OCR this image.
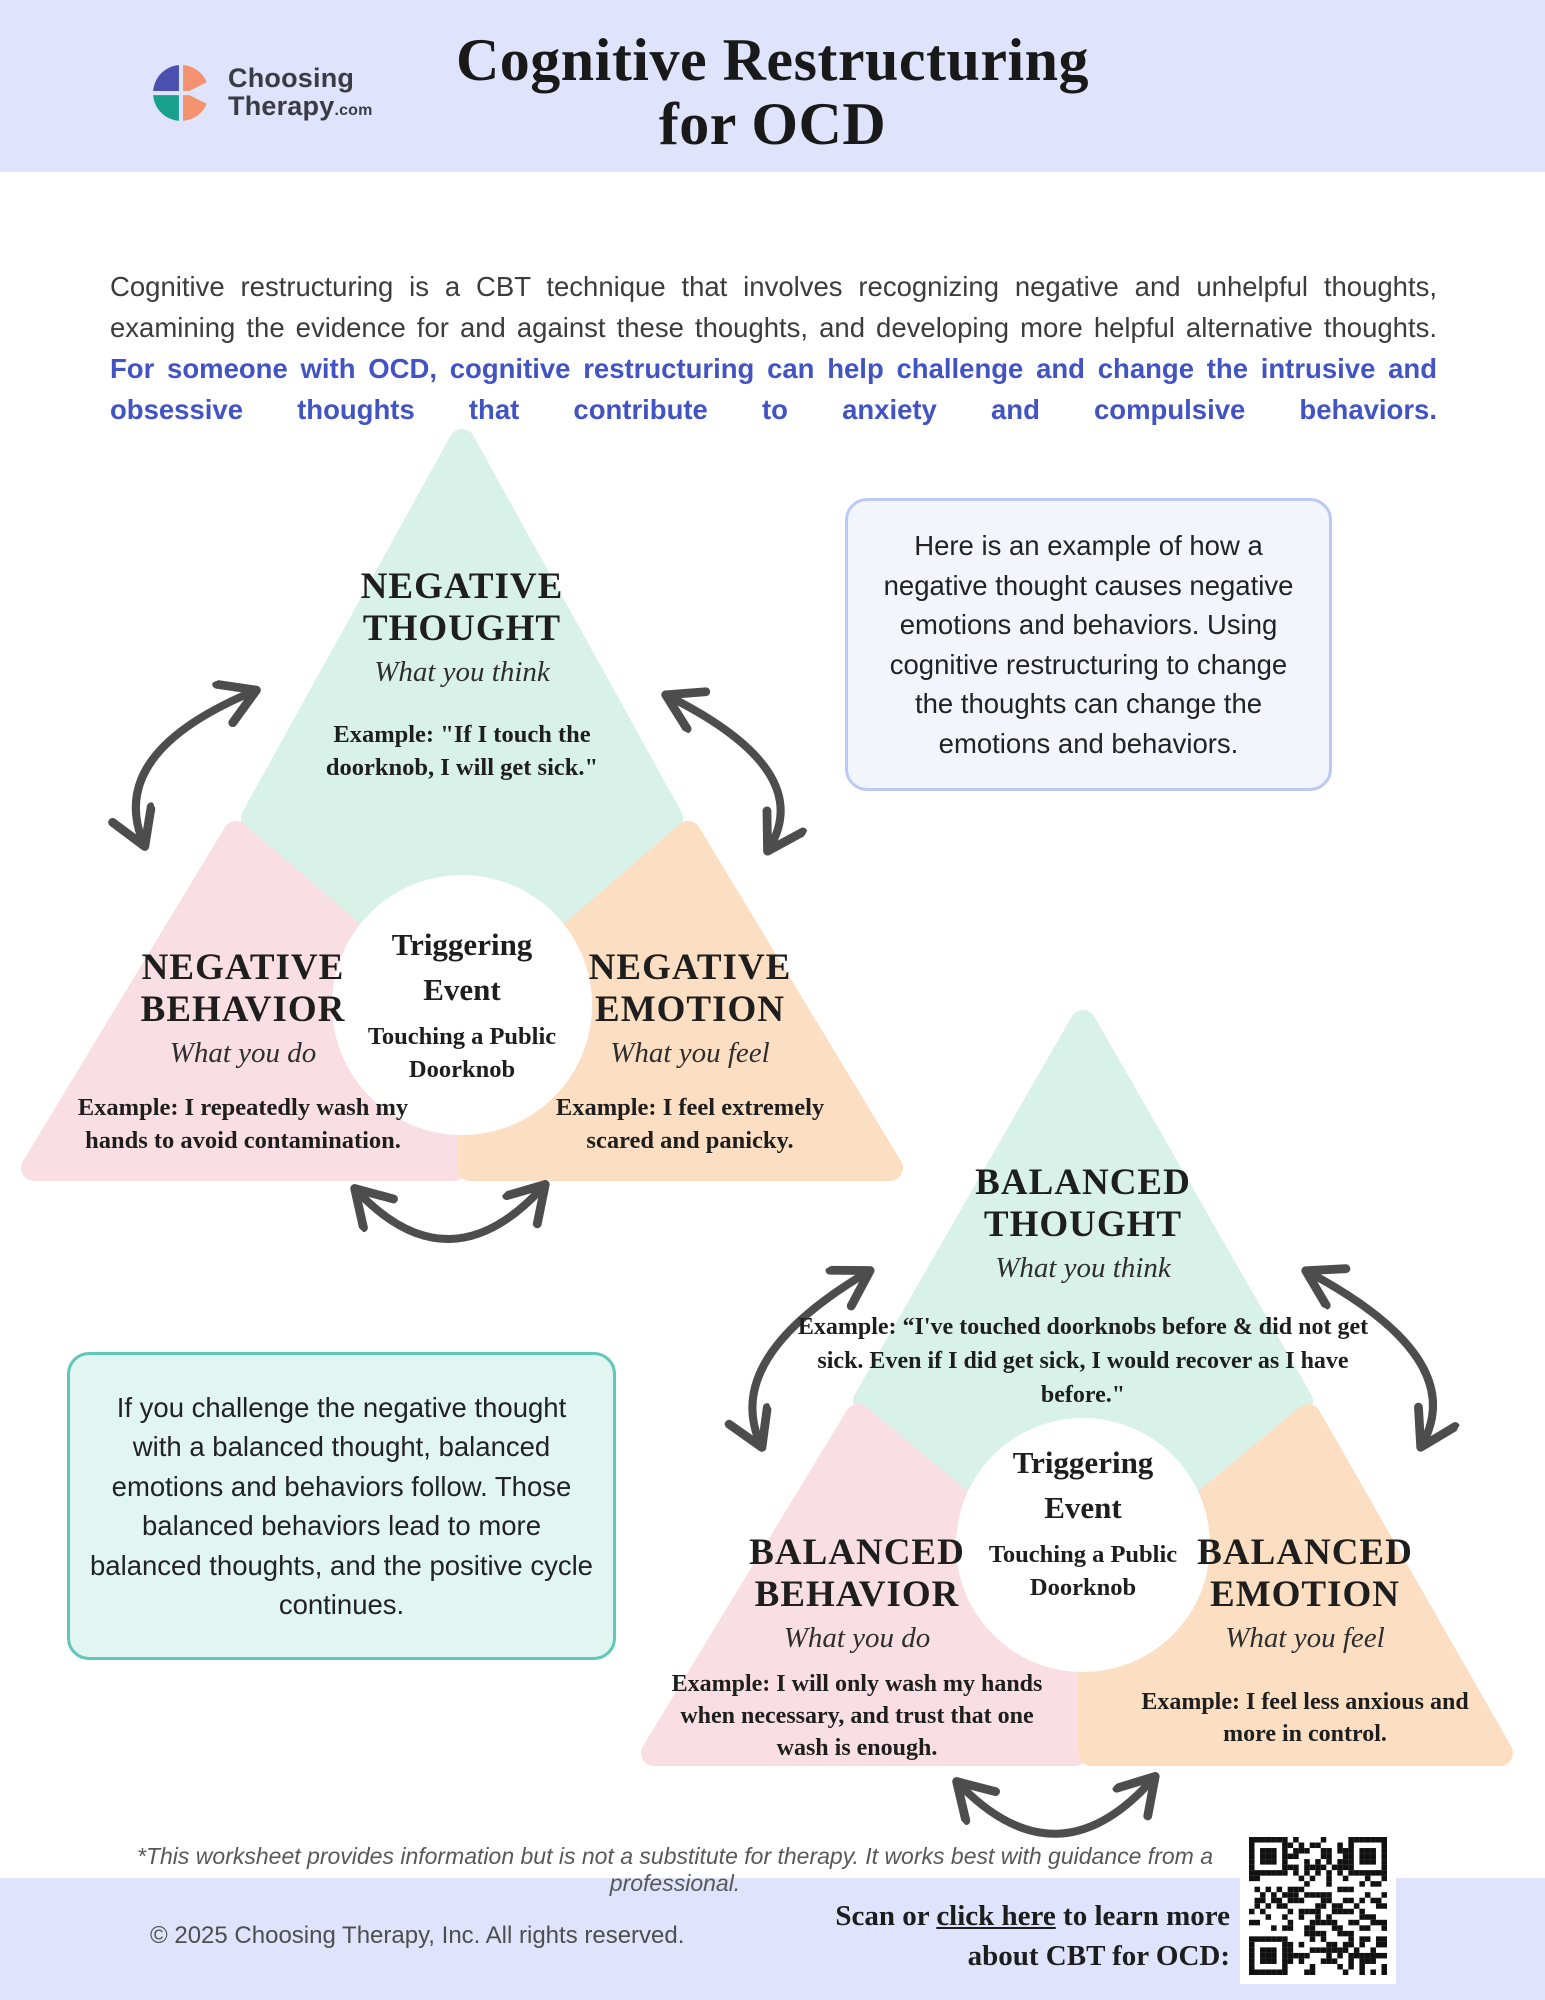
Cognitive Restructuring
for OCD
Choosing
Therapy.com

Cognitive restructuring is a CBT technique that involves recognizing negative and unhelpful thoughts, examining the evidence for and against these thoughts, and developing more helpful alternative thoughts. For someone with OCD, cognitive restructuring can help challenge and change the intrusive and obsessive thoughts that contribute to anxiety and compulsive behaviors.

NEGATIVE
THOUGHT
What you think
Example: "If I touch the doorknob, I will get sick."
Triggering
Event
Touching a Public Doorknob
NEGATIVE
BEHAVIOR
What you do
Example: I repeatedly wash my hands to avoid contamination.
NEGATIVE
EMOTION
What you feel
Example: I feel extremely scared and panicky.
Here is an example of how a negative thought causes negative emotions and behaviors. Using cognitive restructuring to change the thoughts can change the emotions and behaviors.
If you challenge the negative thought with a balanced thought, balanced emotions and behaviors follow. Those balanced behaviors lead to more balanced thoughts, and the positive cycle continues.
BALANCED
THOUGHT
What you think
Example: “I've touched doorknobs before & did not get sick. Even if I did get sick, I would recover as I have before."
Triggering
Event
Touching a Public Doorknob
BALANCED
BEHAVIOR
What you do
Example: I will only wash my hands when necessary, and trust that one wash is enough.
BALANCED
EMOTION
What you feel
Example: I feel less anxious and more in control.
*This worksheet provides information but is not a substitute for therapy. It works best with guidance from a professional.
© 2025 Choosing Therapy, Inc. All rights reserved.
Scan or click here to learn more
about CBT for OCD:
